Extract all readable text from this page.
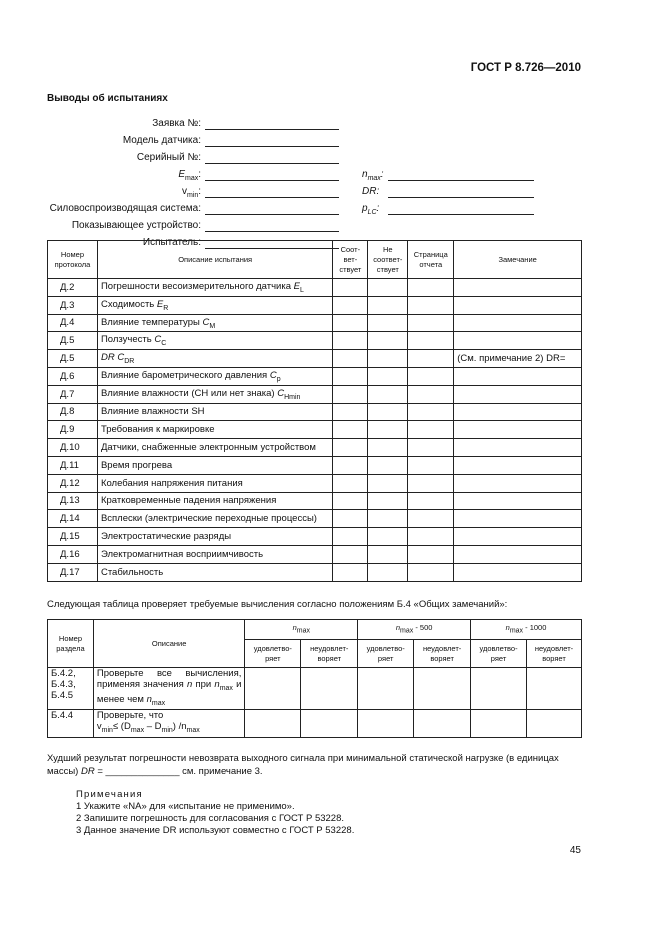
ГОСТ Р 8.726—2010
Выводы об испытаниях
Заявка №:
Модель датчика:
Серийный №:
$E_{max}$:	$n_{max}$:
$v_{min}$:	DR:
Силовоспроизводящая система:	$p_{LC}$:
Показывающее устройство:
Испытатель:
Номер протокола	Описание испытания	Соот-вет-ствует	Не соответ-ствует	Страница отчета	Замечание
Д.2	Погрешности весоизмерительного датчика $E_L$				
Д.3	Сходимость $E_R$				
Д.4	Влияние температуры $C_M$				
Д.5	Ползучесть $C_C$				
Д.5	DR $C_{DR}$				(См. примечание 2) DR=
Д.6	Влияние барометрического давления $C_p$				
Д.7	Влияние влажности (CH или нет знака) $C_{Hmin}$				
Д.8	Влияние влажности SH				
Д.9	Требования к маркировке				
Д.10	Датчики, снабженные электронным устройством				
Д.11	Время прогрева				
Д.12	Колебания напряжения питания				
Д.13	Кратковременные падения напряжения				
Д.14	Всплески (электрические переходные процессы)				
Д.15	Электростатические разряды				
Д.16	Электромагнитная восприимчивость				
Д.17	Стабильность				
Следующая таблица проверяет требуемые вычисления согласно положениям Б.4 «Общих замечаний»:
Номер раздела	Описание	$n_{max}$		$n_{max} - 500$		$n_{max} - 1000$	
		удовлетво-ряет	неудовлет-воряет	удовлетво-ряет	неудовлет-воряет	удовлетво-ряет	неудовлет-воряет
Б.4.2, Б.4.3, Б.4.5	Проверьте все вычисления, применяя значения n при $n_{max}$ и менее чем $n_{max}$						
Б.4.4	Проверьте, что
$v_{min}\le (D_{max} - D_{min})$ $/n_{max}$						
Худший результат погрешности невозврата выходного сигнала при минимальной статической нагрузке (в единицах массы) DR = ______________ см. примечание 3.
Примечания
1 Укажите «NA» для «испытание не применимо».
2 Запишите погрешность для согласования с ГОСТ Р 53228.
3 Данное значение DR используют совместно с ГОСТ Р 53228.
45
